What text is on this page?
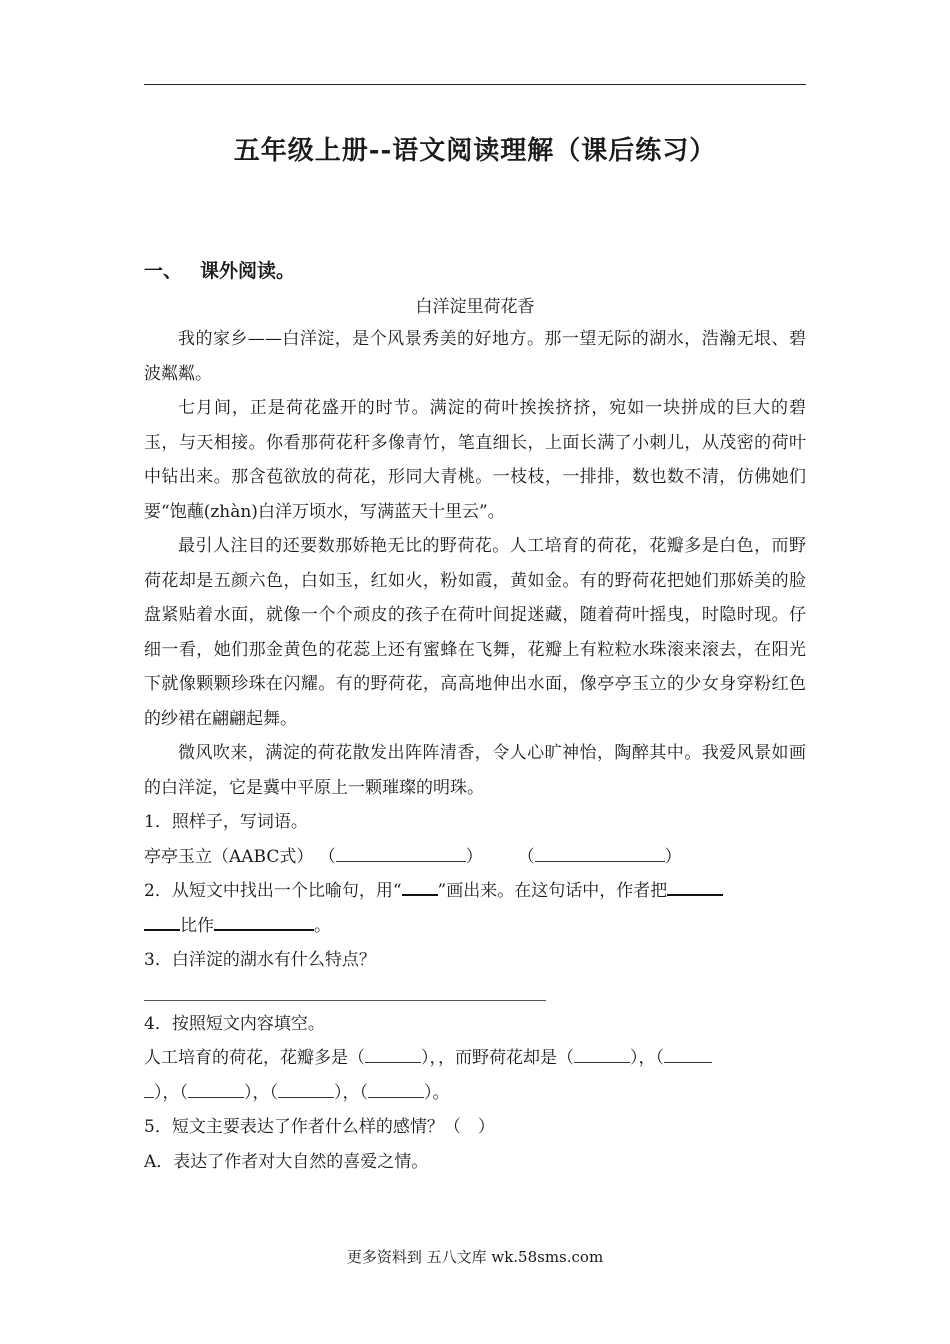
五年级上册--语文阅读理解（课后练习）
一、 课外阅读。
白洋淀里荷花香

我的家乡——白洋淀，是个风景秀美的好地方。那一望无际的湖水，浩瀚无垠、碧波粼粼。

七月间，正是荷花盛开的时节。满淀的荷叶挨挨挤挤，宛如一块拼成的巨大的碧玉，与天相接。你看那荷花秆多像青竹，笔直细长，上面长满了小刺儿，从茂密的荷叶中钻出来。那含苞欲放的荷花，形同大青桃。一枝枝，一排排，数也数不清，仿佛她们要“饱蘸(zhàn)白洋万顷水，写满蓝天十里云”。

最引人注目的还要数那娇艳无比的野荷花。人工培育的荷花，花瓣多是白色，而野荷花却是五颜六色，白如玉，红如火，粉如霞，黄如金。有的野荷花把她们那娇美的脸盘紧贴着水面，就像一个个顽皮的孩子在荷叶间捉迷藏，随着荷叶摇曳，时隐时现。仔细一看，她们那金黄色的花蕊上还有蜜蜂在飞舞，花瓣上有粒粒水珠滚来滚去，在阳光下就像颗颗珍珠在闪耀。有的野荷花，高高地伸出水面，像亭亭玉立的少女身穿粉红色的纱裙在翩翩起舞。

微风吹来，满淀的荷花散发出阵阵清香，令人心旷神怡，陶醉其中。我爱风景如画的白洋淀，它是冀中平原上一颗璀璨的明珠。

1．照样子，写词语。

亭亭玉立（AABC式） （	） （	）

2．从短文中找出一个比喻句，用“ ”画出来。在这句话中，作者把

比作	。

3．白洋淀的湖水有什么特点？

4．按照短文内容填空。

人工培育的荷花，花瓣多是（	），，而野荷花却是（	），（

），（	），（	），（	）。

5．短文主要表达了作者什么样的感情？（　）

A．表达了作者对大自然的喜爱之情。

更多资料到 五八文库 wk.58sms.com
